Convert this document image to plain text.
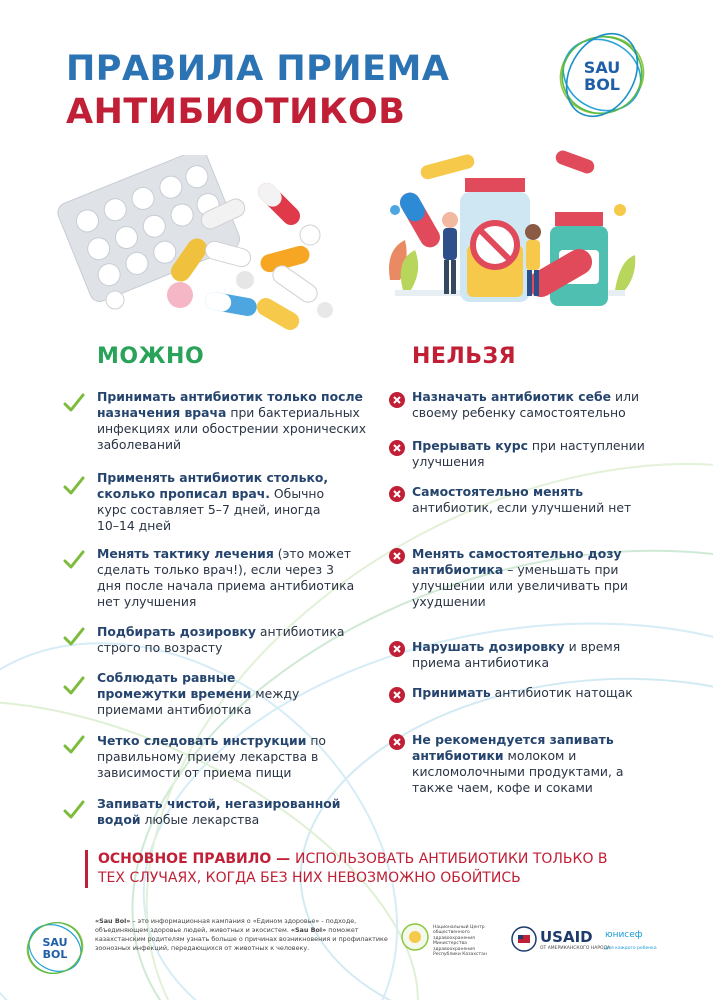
ПРАВИЛА ПРИЕМА
АНТИБИОТИКОВ
SAU
BOL
МОЖНО	НЕЛЬЗЯ
Принимать антибиотик только после назначения врача при бактериальных инфекциях или обострении хронических заболеваний
Применять антибиотик столько, сколько прописал врач. Обычно курс составляет 5–7 дней, иногда 10–14 дней
Менять тактику лечения (это может сделать только врач!), если через 3 дня после начала приема антибиотика нет улучшения
Подбирать дозировку антибиотика строго по возрасту
Соблюдать равные промежутки времени между приемами антибиотика
Четко следовать инструкции по правильному приему лекарства в зависимости от приема пищи
Запивать чистой, негазированной водой любые лекарства
Назначать антибиотик себе или своему ребенку самостоятельно
Прерывать курс при наступлении улучшения
Самостоятельно менять антибиотик, если улучшений нет
Менять самостоятельно дозу антибиотика – уменьшать при улучшении или увеличивать при ухудшении
Нарушать дозировку и время приема антибиотика
Принимать антибиотик натощак
Не рекомендуется запивать антибиотики молоком и кисломолочными продуктами, а также чаем, кофе и соками
ОСНОВНОЕ ПРАВИЛО — ИСПОЛЬЗОВАТЬ АНТИБИОТИКИ ТОЛЬКО В ТЕХ СЛУЧАЯХ, КОГДА БЕЗ НИХ НЕВОЗМОЖНО ОБОЙТИСЬ
SAU
BOL
«Sau Bol» – это информационная кампания о «Едином здоровье» - подходе, объединяющем здоровье людей, животных и экосистем. «Sau Bol» поможет казахстанским родителям узнать больше о причинах возникновения и профилактике зоонозных инфекций, передающихся от животных к человеку.
Национальный Центр общественного здравоохранения Министерства здравоохранения Республики Казахстан
USAID
ОТ АМЕРИКАНСКОГО НАРОДА
юнисеф
для каждого ребенка
